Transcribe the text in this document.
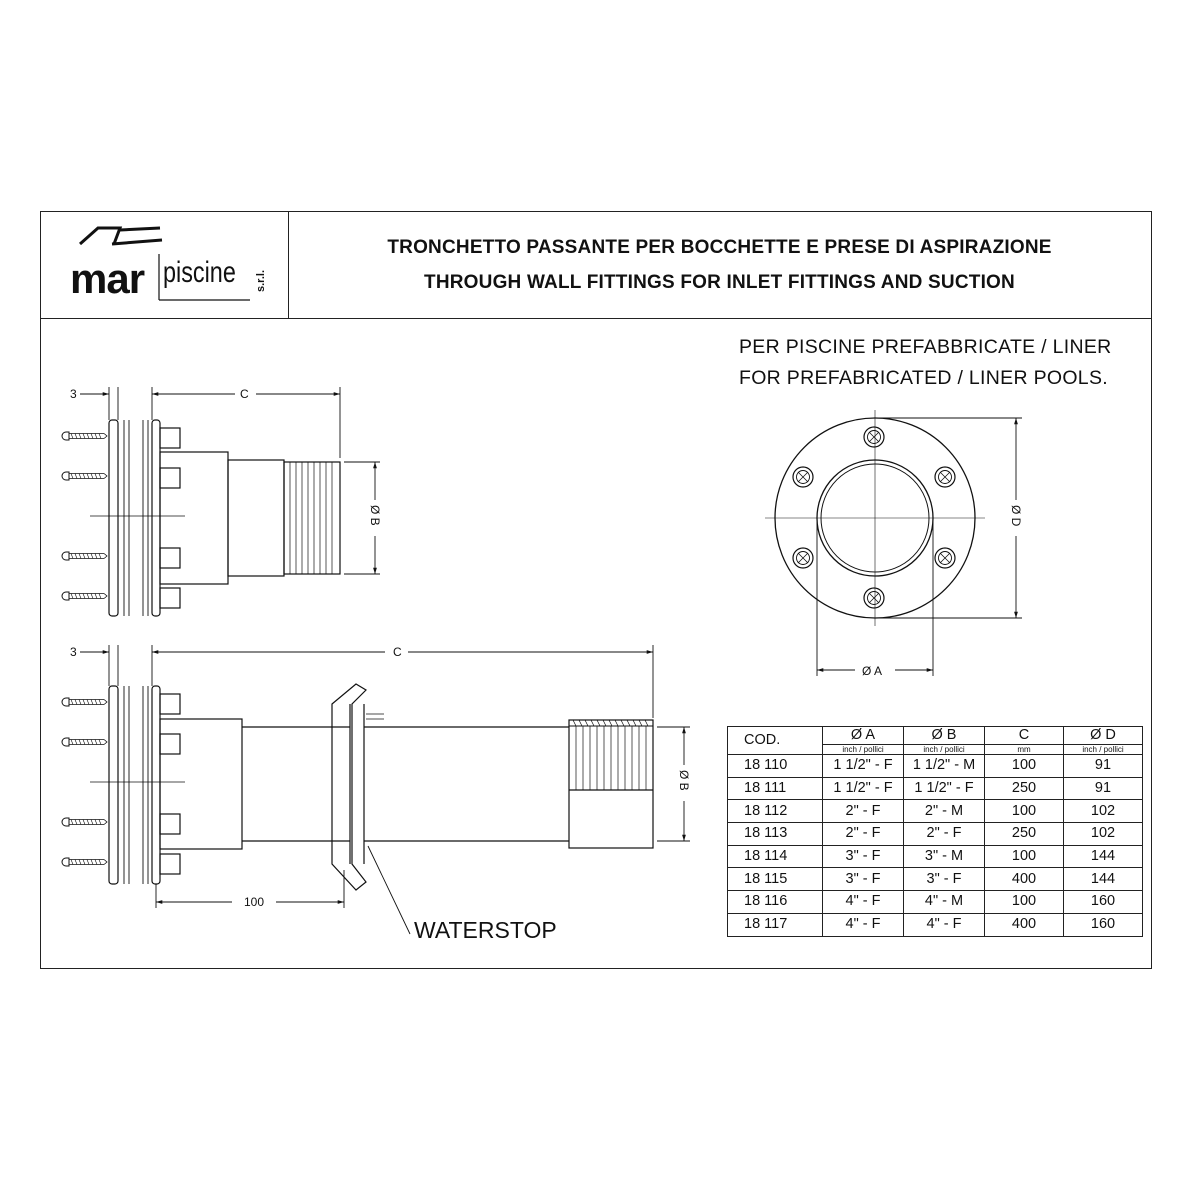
3	C
Ø B
3	C
Ø B
100
WATERSTOP
Ø D
Ø A
mar piscine s.r.l.
TRONCHETTO PASSANTE PER BOCCHETTE E PRESE DI ASPIRAZIONE
THROUGH WALL FITTINGS FOR INLET FITTINGS AND SUCTION
PER PISCINE PREFABBRICATE / LINER
FOR PREFABRICATED / LINER POOLS.
COD.	Ø A	Ø B	C	Ø D
	inch / pollici	inch / pollici	mm	inch / pollici
18 110	1 1/2" - F	1 1/2" - M	100	91
18 111	1 1/2" - F	1 1/2" - F	250	91
18 112	2" - F	2" - M	100	102
18 113	2" - F	2" - F	250	102
18 114	3" - F	3" - M	100	144
18 115	3" - F	3" - F	400	144
18 116	4" - F	4" - M	100	160
18 117	4" - F	4" - F	400	160
